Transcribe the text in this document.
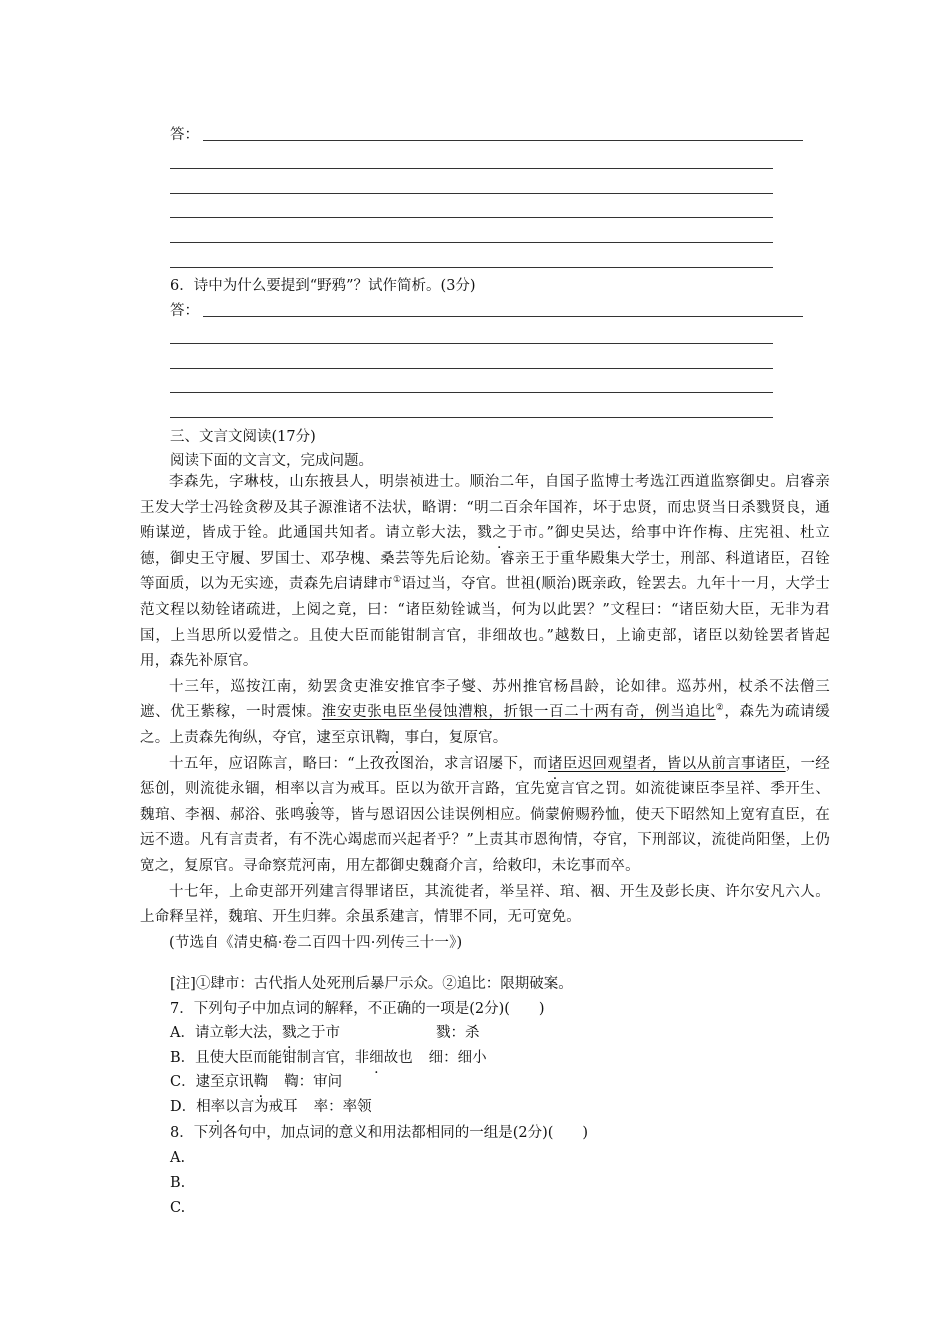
答：
6．诗中为什么要提到“野鸦”？试作简析。(3分)
答：
三、文言文阅读(17分)
阅读下面的文言文，完成问题。

李森先，字琳枝，山东掖县人，明崇祯进士。顺治二年，自国子监博士考选江西道监察御史。启睿亲王发大学士冯铨贪秽及其子源淮诸不法状，略谓：“明二百余年国祚，坏于忠贤，而忠贤当日杀戮贤良，通贿谋逆，皆成于铨。此通国共知者。请立彰大法，戮之于市。”御史吴达，给事中许作梅、庄宪祖、杜立德，御史王守履、罗国士、邓孕槐、桑芸等先后论劾。睿亲王于重华殿集大学士，刑部、科道诸臣，召铨等面质，以为无实迹，责森先启请肆市①语过当，夺官。世祖(顺治)既亲政，铨罢去。九年十一月，大学士范文程以劾铨诸疏进，上阅之竟，曰：“诸臣劾铨诚当，何为以此罢？”文程曰：“诸臣劾大臣，无非为君国，上当思所以爱惜之。且使大臣而能钳制言官，非细故也。”越数日，上谕吏部，诸臣以劾铨罢者皆起用，森先补原官。

十三年，巡按江南，劾罢贪吏淮安推官李子燮、苏州推官杨昌龄，论如律。巡苏州，杖杀不法僧三遮、优王紫稼，一时震悚。淮安吏张电臣坐侵蚀漕粮，折银一百二十两有奇，例当追比②，森先为疏请缓之。上责森先徇纵，夺官，逮至京讯鞫，事白，复原官。

十五年，应诏陈言，略曰：“上孜孜图治，求言诏屡下，而诸臣迟回观望者，皆以从前言事诸臣，一经惩创，则流徙永锢，相率以言为戒耳。臣以为欲开言路，宜先宽言官之罚。如流徙谏臣李呈祥、季开生、魏琯、李裀、郝浴、张鸣骏等，皆与恩诏因公诖误例相应。倘蒙俯赐矜恤，使天下昭然知上宽宥直臣，在远不遗。凡有言责者，有不洗心竭虑而兴起者乎？”上责其市恩徇情，夺官，下刑部议，流徙尚阳堡，上仍宽之，复原官。寻命察荒河南，用左都御史魏裔介言，给敕印，未讫事而卒。

十七年，上命吏部开列建言得罪诸臣，其流徙者，举呈祥、琯、裀、开生及彭长庚、许尔安凡六人。上命释呈祥，魏琯、开生归葬。余虽系建言，情罪不同，无可宽免。

(节选自《清史稿·卷二百四十四·列传三十一》)

[注]①肆市：古代指人处死刑后暴尸示众。②追比：限期破案。
7．下列句子中加点词的解释，不正确的一项是(2分)(　　)
A．请立彰大法，戮之于市	戮：杀
B．且使大臣而能钳制言官，非细故也 细：细小
C．逮至京讯鞫 鞫：审问
D．相率以言为戒耳 率：率领
8．下列各句中，加点词的意义和用法都相同的一组是(2分)(　　)
A.
B.
C.
